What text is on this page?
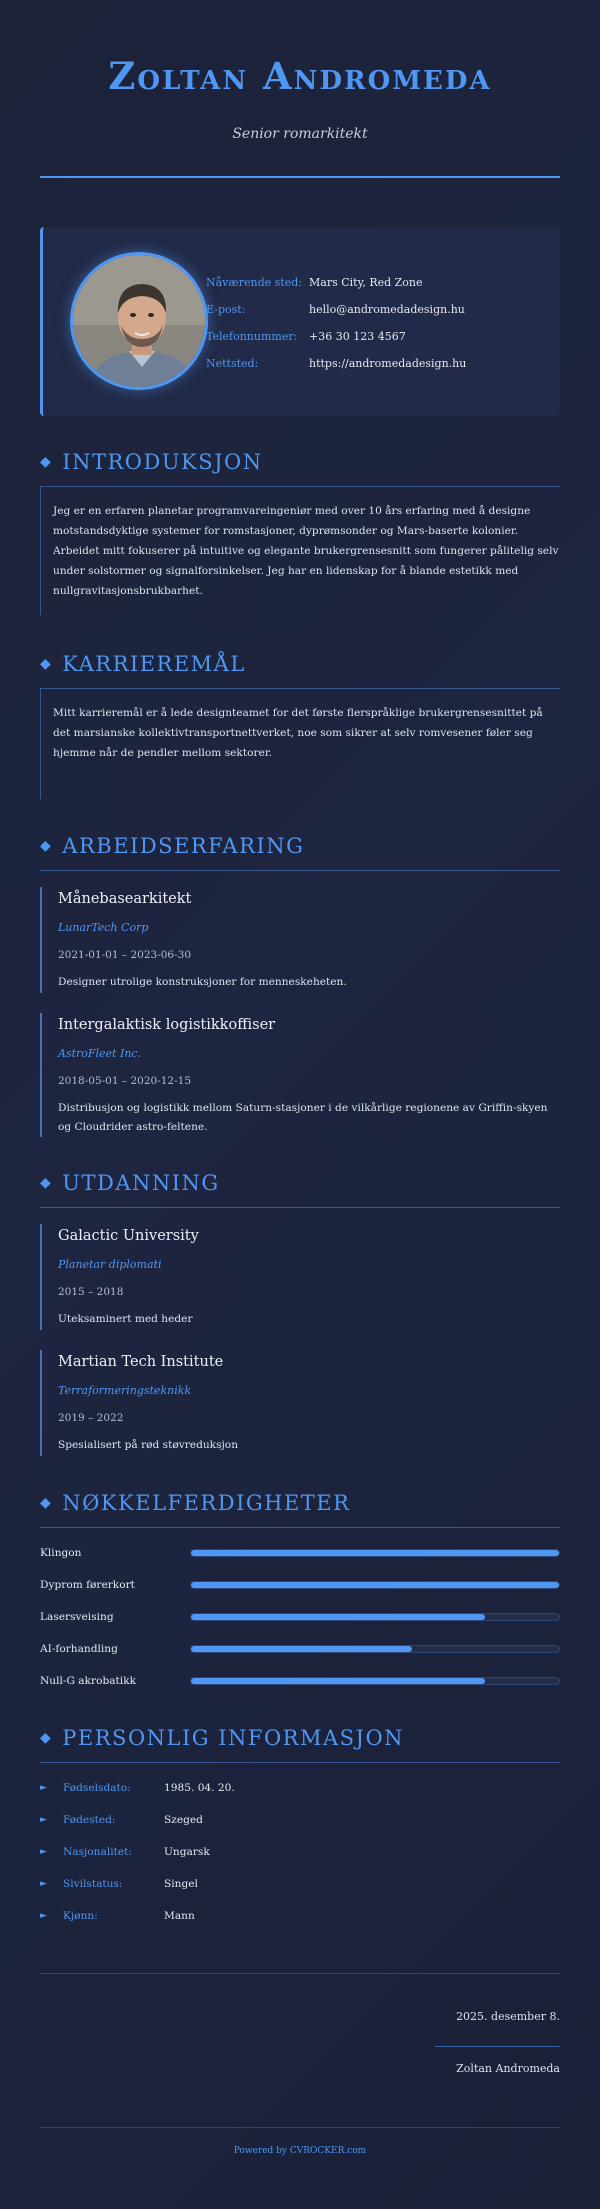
Zoltan Andromeda
Senior romarkitekt
Nåværende sted: Mars City, Red Zone
E-post:	hello@andromedadesign.hu
Telefonnummer:	+36 30 123 4567
Nettsted:	https://andromedadesign.hu
◆ INTRODUKSJON
Jeg er en erfaren planetar programvareingeniør med over 10 års erfaring med å designe motstandsdyktige systemer for romstasjoner, dyprømsonder og Mars-baserte kolonier. Arbeidet mitt fokuserer på intuitive og elegante brukergrensesnitt som fungerer pålitelig selv under solstormer og signalforsinkelser. Jeg har en lidenskap for å blande estetikk med nullgravitasjonsbrukbarhet.
◆ KARRIEREMÅL
Mitt karrieremål er å lede designteamet for det første flerspråklige brukergrensesnittet på det marsianske kollektivtransportnettverket, noe som sikrer at selv romvesener føler seg hjemme når de pendler mellom sektorer.
◆ ARBEIDSERFARING
Månebasearkitekt
LunarTech Corp
2021-01-01 – 2023-06-30
Designer utrolige konstruksjoner for menneskeheten.
Intergalaktisk logistikkoffiser
AstroFleet Inc.
2018-05-01 – 2020-12-15
Distribusjon og logistikk mellom Saturn-stasjoner i de vilkårlige regionene av Griffin-skyen og Cloudrider astro-feltene.
◆ UTDANNING
Galactic University
Planetar diplomati
2015 – 2018
Uteksaminert med heder
Martian Tech Institute
Terraformeringsteknikk
2019 – 2022
Spesialisert på rød støvreduksjon
◆ NØKKELFERDIGHETER
Klingon
Dyprom førerkort
Lasersveising
AI-forhandling
Null-G akrobatikk
◆ PERSONLIG INFORMASJON
►	Fødselsdato:	1985. 04. 20.
►	Fødested:	Szeged
►	Nasjonalitet:	Ungarsk
►	Sivilstatus:	Singel
►	Kjønn:	Mann
2025. desember 8.
Zoltan Andromeda
Powered by CVROCKER.com
